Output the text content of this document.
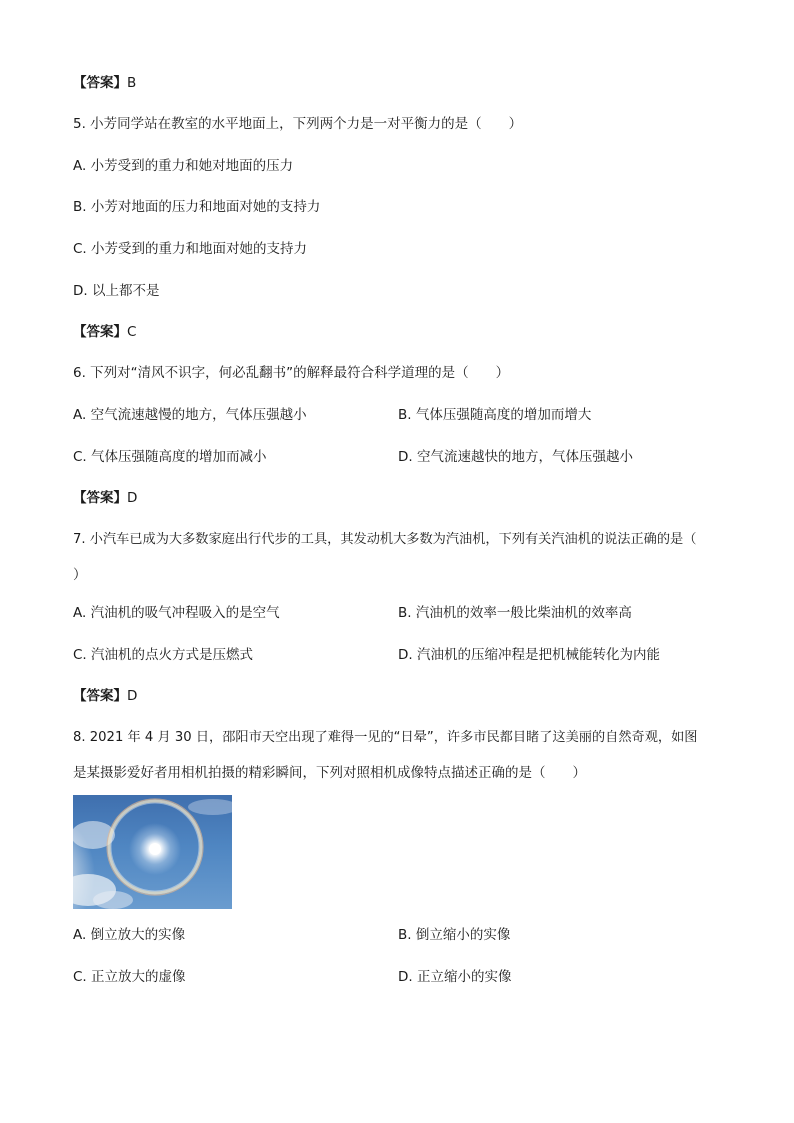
【答案】B
5. 小芳同学站在教室的水平地面上，下列两个力是一对平衡力的是（　　）
A. 小芳受到的重力和她对地面的压力
B. 小芳对地面的压力和地面对她的支持力
C. 小芳受到的重力和地面对她的支持力
D. 以上都不是
【答案】C
6. 下列对“清风不识字，何必乱翻书”的解释最符合科学道理的是（　　）
A. 空气流速越慢的地方，气体压强越小	B. 气体压强随高度的增加而增大
C. 气体压强随高度的增加而减小	D. 空气流速越快的地方，气体压强越小
【答案】D
7. 小汽车已成为大多数家庭出行代步的工具，其发动机大多数为汽油机，下列有关汽油机的说法正确的是（
）
A. 汽油机的吸气冲程吸入的是空气	B. 汽油机的效率一般比柴油机的效率高
C. 汽油机的点火方式是压燃式	D. 汽油机的压缩冲程是把机械能转化为内能
【答案】D
8. 2021 年 4 月 30 日，邵阳市天空出现了难得一见的“日晕”，许多市民都目睹了这美丽的自然奇观，如图
是某摄影爱好者用相机拍摄的精彩瞬间，下列对照相机成像特点描述正确的是（　　）
A. 倒立放大的实像	B. 倒立缩小的实像
C. 正立放大的虚像	D. 正立缩小的实像
